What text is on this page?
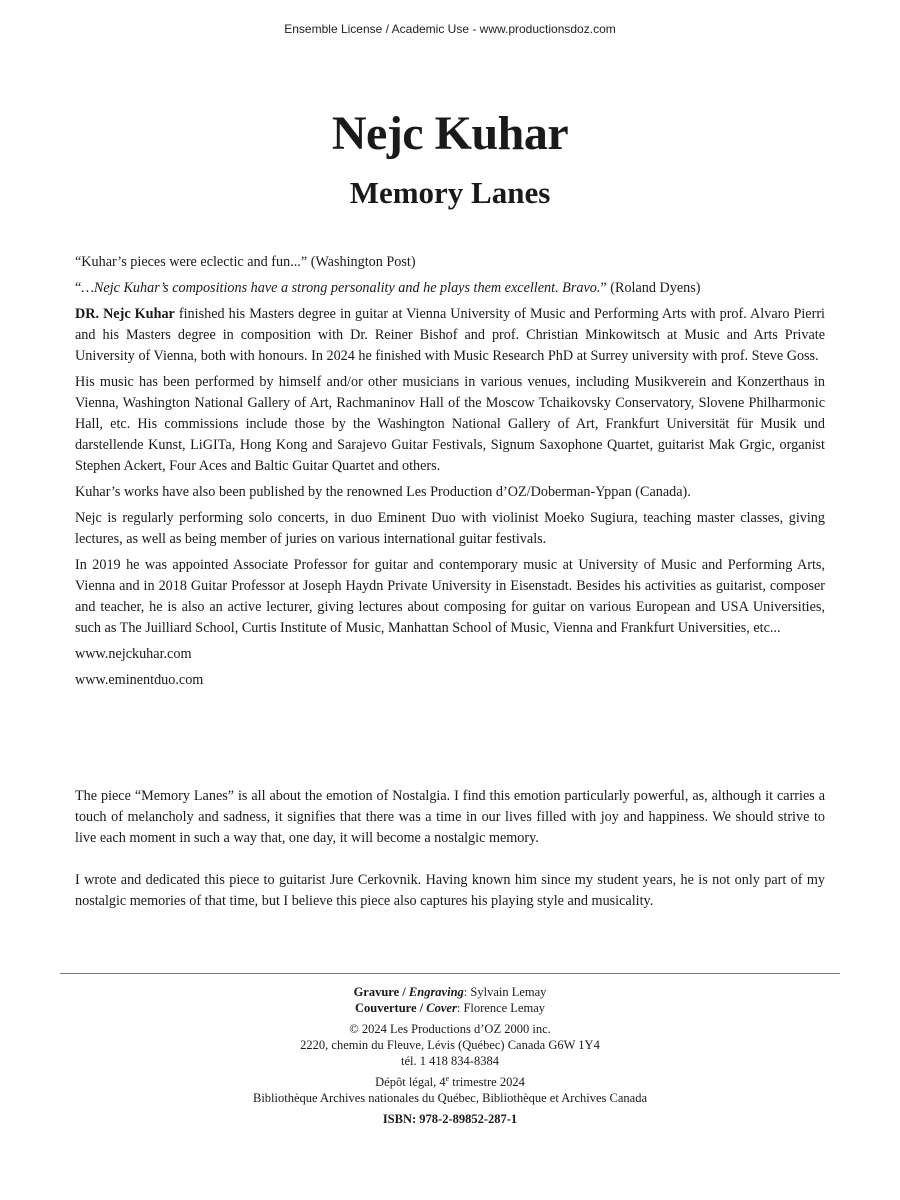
Ensemble License / Academic Use - www.productionsdoz.com
Nejc Kuhar
Memory Lanes

“Kuhar’s pieces were eclectic and fun...” (Washington Post)

“…Nejc Kuhar’s compositions have a strong personality and he plays them excellent. Bravo.” (Roland Dyens)

DR. Nejc Kuhar finished his Masters degree in guitar at Vienna University of Music and Performing Arts with prof. Alvaro Pierri and his Masters degree in composition with Dr. Reiner Bishof and prof. Christian Minkowitsch at Music and Arts Private University of Vienna, both with honours. In 2024 he finished with Music Research PhD at Surrey university with prof. Steve Goss.

His music has been performed by himself and/or other musicians in various venues, including Musikverein and Konzerthaus in Vienna, Washington National Gallery of Art, Rachmaninov Hall of the Moscow Tchaikovsky Conservatory, Slovene Philharmonic Hall, etc. His commissions include those by the Washington National Gallery of Art, Frankfurt Universität für Musik und darstellende Kunst, LiGITa, Hong Kong and Sarajevo Guitar Festivals, Signum Saxophone Quartet, guitarist Mak Grgic, organist Stephen Ackert, Four Aces and Baltic Guitar Quartet and others.

Kuhar’s works have also been published by the renowned Les Production d’OZ/Doberman-Yppan (Canada).

Nejc is regularly performing solo concerts, in duo Eminent Duo with violinist Moeko Sugiura, teaching master classes, giving lectures, as well as being member of juries on various international guitar festivals.

In 2019 he was appointed Associate Professor for guitar and contemporary music at University of Music and Performing Arts, Vienna and in 2018 Guitar Professor at Joseph Haydn Private University in Eisenstadt. Besides his activities as guitarist, composer and teacher, he is also an active lecturer, giving lectures about composing for guitar on various European and USA Universities, such as The Juilliard School, Curtis Institute of Music, Manhattan School of Music, Vienna and Frankfurt Universities, etc...

www.nejckuhar.com

www.eminentduo.com

The piece “Memory Lanes” is all about the emotion of Nostalgia. I find this emotion particularly powerful, as, although it carries a touch of melancholy and sadness, it signifies that there was a time in our lives filled with joy and happiness. We should strive to live each moment in such a way that, one day, it will become a nostalgic memory.

I wrote and dedicated this piece to guitarist Jure Cerkovnik. Having known him since my student years, he is not only part of my nostalgic memories of that time, but I believe this piece also captures his playing style and musicality.

Gravure / Engraving: Sylvain Lemay
Couverture / Cover: Florence Lemay
© 2024 Les Productions d’OZ 2000 inc.
2220, chemin du Fleuve, Lévis (Québec) Canada G6W 1Y4
tél. 1 418 834-8384
Dépôt légal, 4e trimestre 2024
Bibliothèque Archives nationales du Québec, Bibliothèque et Archives Canada
ISBN: 978-2-89852-287-1
